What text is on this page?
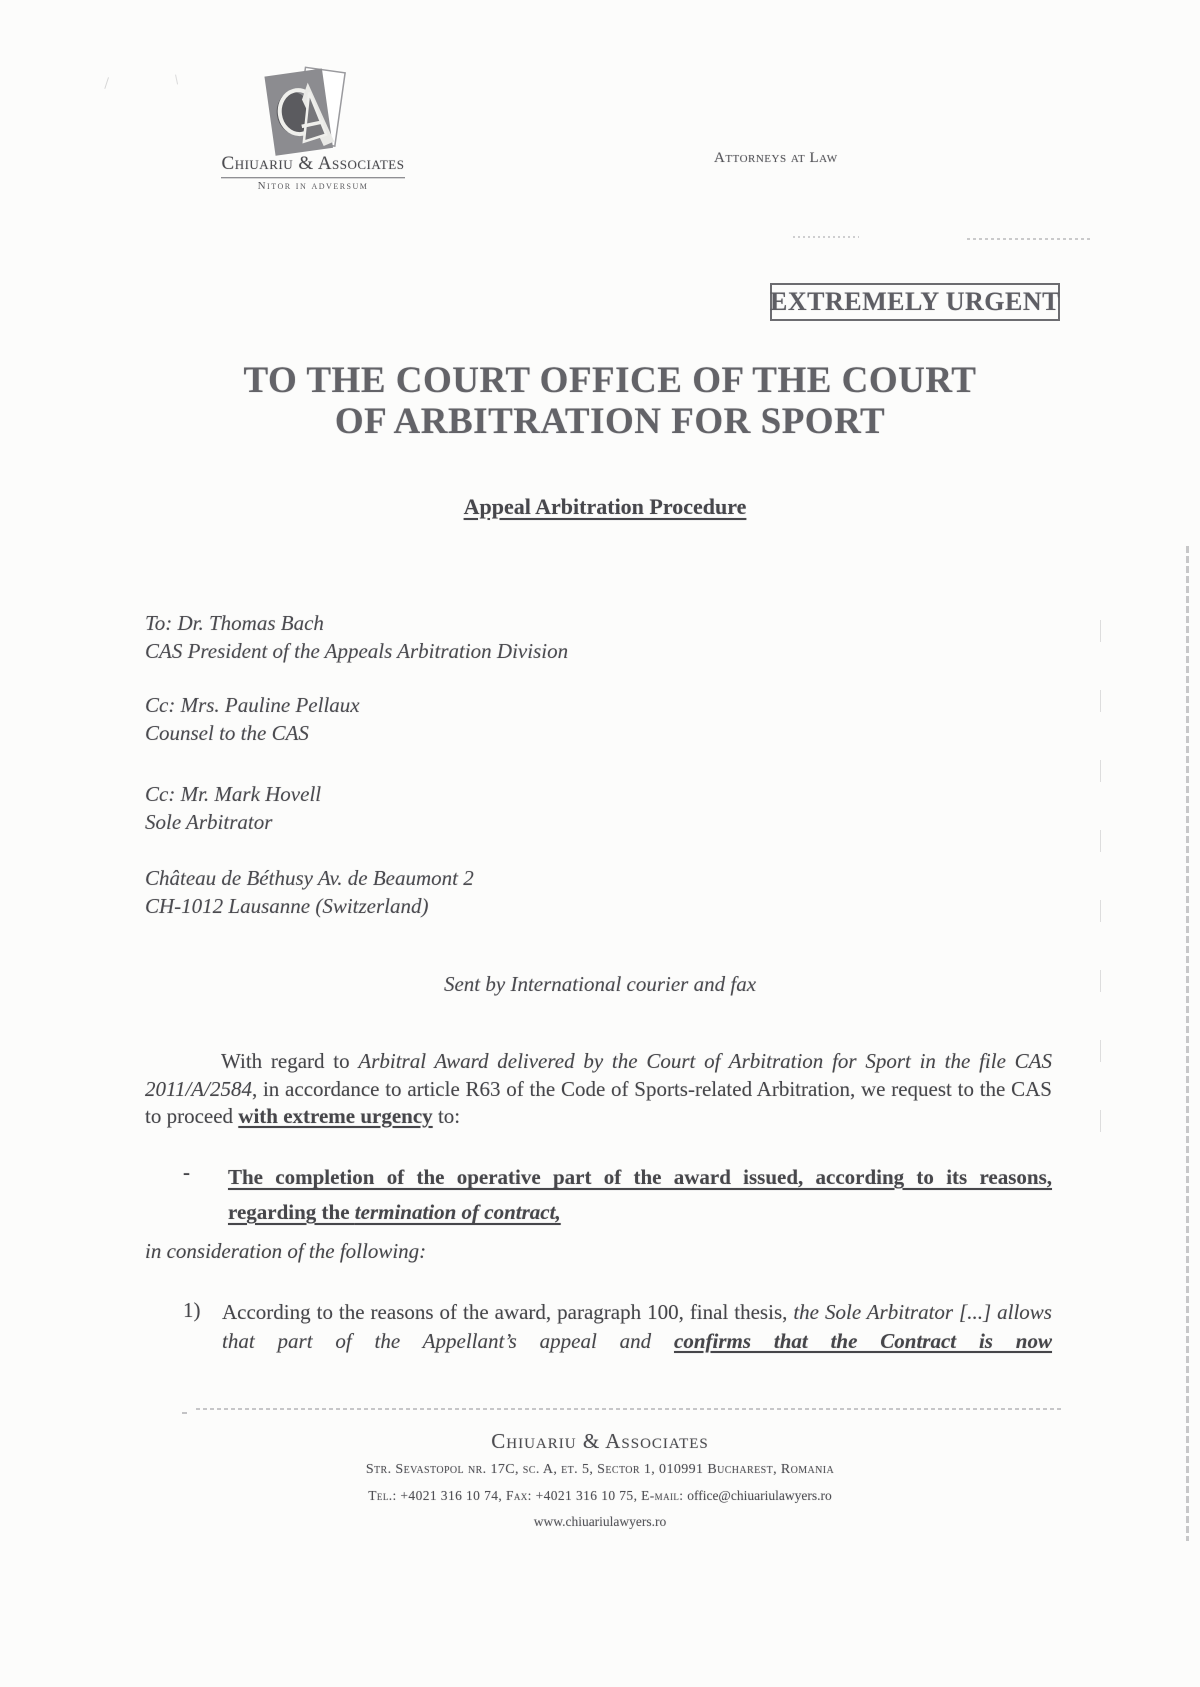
Chiuariu & Associates
Nitor in adversum
Attorneys at Law
EXTREMELY URGENT
TO THE COURT OFFICE OF THE COURT
OF ARBITRATION FOR SPORT
Appeal Arbitration Procedure
To: Dr. Thomas Bach
CAS President of the Appeals Arbitration Division
Cc: Mrs. Pauline Pellaux
Counsel to the CAS
Cc: Mr. Mark Hovell
Sole Arbitrator
Château de Béthusy Av. de Beaumont 2
CH-1012 Lausanne (Switzerland)
Sent by International courier and fax
With regard to Arbitral Award delivered by the Court of Arbitration for Sport in the file CAS 2011/A/2584, in accordance to article R63 of the Code of Sports-related Arbitration, we request to the CAS to proceed with extreme urgency to:
- The completion of the operative part of the award issued, according to its reasons, regarding the termination of contract,
in consideration of the following:
1) According to the reasons of the award, paragraph 100, final thesis, the Sole Arbitrator [...] allows that part of the Appellant’s appeal and confirms that the Contract is now
Chiuariu & Associates
Str. Sevastopol nr. 17C, sc. A, et. 5, Sector 1, 010991 Bucharest, Romania
Tel.: +4021 316 10 74, Fax: +4021 316 10 75, E-mail: office@chiuariulawyers.ro
www.chiuariulawyers.ro
